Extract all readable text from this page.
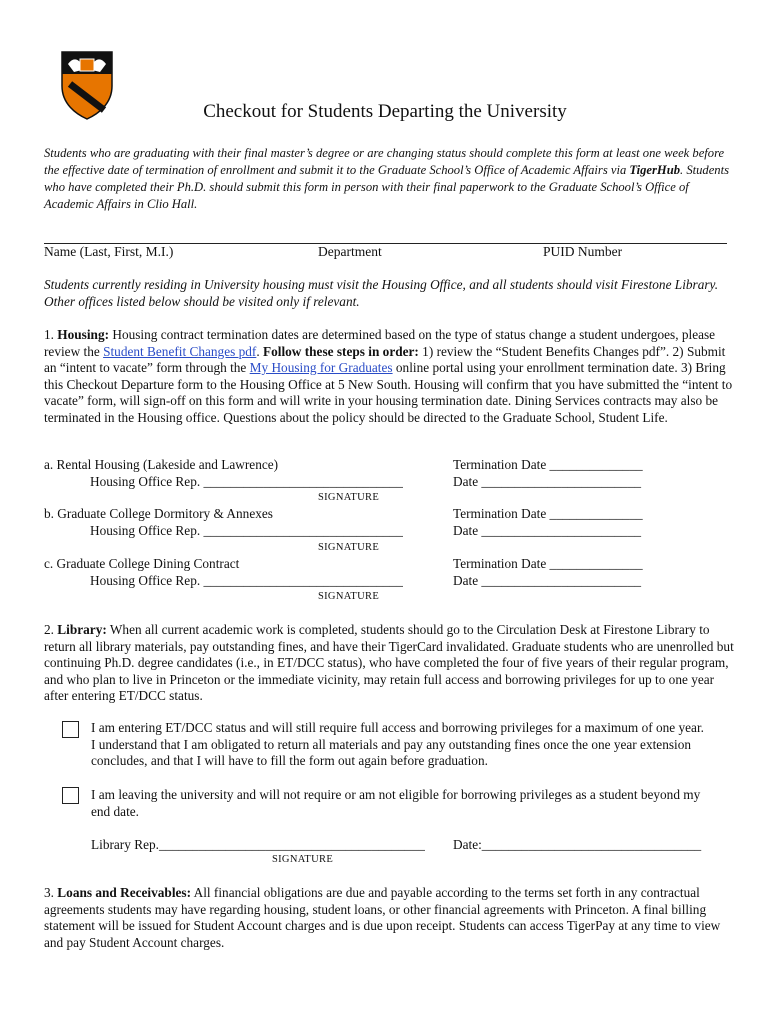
Checkout for Students Departing the University
Students who are graduating with their final master’s degree or are changing status should complete this form at least one week before the effective date of termination of enrollment and submit it to the Graduate School’s Office of Academic Affairs via TigerHub. Students who have completed their Ph.D. should submit this form in person with their final paperwork to the Graduate School’s Office of Academic Affairs in Clio Hall.
Name (Last, First, M.I.)	Department	PUID Number
Students currently residing in University housing must visit the Housing Office, and all students should visit Firestone Library. Other offices listed below should be visited only if relevant.
1. Housing: Housing contract termination dates are determined based on the type of status change a student undergoes, please review the Student Benefit Changes pdf. Follow these steps in order: 1) review the “Student Benefits Changes pdf”. 2) Submit an “intent to vacate” form through the My Housing for Graduates online portal using your enrollment termination date. 3) Bring this Checkout Departure form to the Housing Office at 5 New South. Housing will confirm that you have submitted the “intent to vacate” form, will sign-off on this form and will write in your housing termination date. Dining Services contracts may also be terminated in the Housing office. Questions about the policy should be directed to the Graduate School, Student Life.
a. Rental Housing (Lakeside and Lawrence)
Housing Office Rep. ______________________________
SIGNATURE
Termination Date ______________
Date ________________________
b. Graduate College Dormitory & Annexes
Housing Office Rep. ______________________________
SIGNATURE
Termination Date ______________
Date ________________________
c. Graduate College Dining Contract
Housing Office Rep. ______________________________
SIGNATURE
Termination Date ______________
Date ________________________
2. Library: When all current academic work is completed, students should go to the Circulation Desk at Firestone Library to return all library materials, pay outstanding fines, and have their TigerCard invalidated. Graduate students who are unenrolled but continuing Ph.D. degree candidates (i.e., in ET/DCC status), who have completed the four of five years of their regular program, and who plan to live in Princeton or the immediate vicinity, may retain full access and borrowing privileges for up to one year after entering ET/DCC status.
I am entering ET/DCC status and will still require full access and borrowing privileges for a maximum of one year. I understand that I am obligated to return all materials and pay any outstanding fines once the one year extension concludes, and that I will have to fill the form out again before graduation.
I am leaving the university and will not require or am not eligible for borrowing privileges as a student beyond my end date.
Library Rep.________________________________________ Date:_________________________________
SIGNATURE
3. Loans and Receivables: All financial obligations are due and payable according to the terms set forth in any contractual agreements students may have regarding housing, student loans, or other financial agreements with Princeton. A final billing statement will be issued for Student Account charges and is due upon receipt. Students can access TigerPay at any time to view and pay Student Account charges.
